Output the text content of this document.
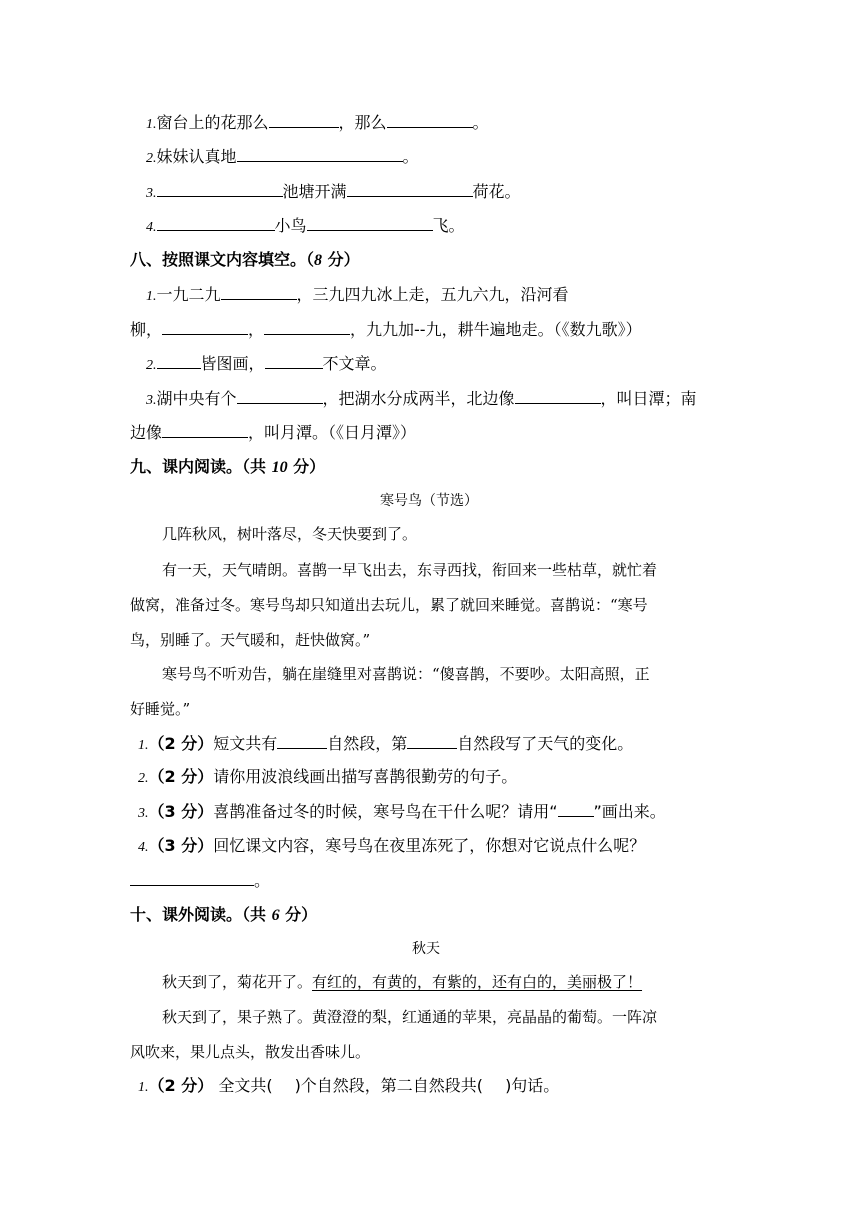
1.窗台上的花那么	，那么	。
2.妹妹认真地	。
3.	池塘开满	荷花。
4.	小鸟	飞。
八、按照课文内容填空。（8 分）
1.一九二九	，三九四九冰上走，五九六九，沿河看
柳，	，	，九九加--九，耕牛遍地走。（《数九歌》）
2.	皆图画，	不文章。
3.湖中央有个	，把湖水分成两半，北边像	，叫日潭；南
边像	，叫月潭。（《日月潭》）
九、课内阅读。（共 10 分）
寒号鸟（节选）
几阵秋风，树叶落尽，冬天快要到了。
有一天，天气晴朗。喜鹊一早飞出去，东寻西找，衔回来一些枯草，就忙着
做窝，准备过冬。寒号鸟却只知道出去玩儿，累了就回来睡觉。喜鹊说：“寒号
鸟，别睡了。天气暖和，赶快做窝。”
寒号鸟不听劝告，躺在崖缝里对喜鹊说：“傻喜鹊，不要吵。太阳高照，正
好睡觉。”
1.（2 分）短文共有	自然段，第	自然段写了天气的变化。
2.（2 分）请你用波浪线画出描写喜鹊很勤劳的句子。
3.（3 分）喜鹊准备过冬的时候，寒号鸟在干什么呢？请用“ ”画出来。
4.（3 分）回忆课文内容，寒号鸟在夜里冻死了，你想对它说点什么呢？
。
十、课外阅读。（共 6 分）
秋天
秋天到了，菊花开了。有红的，有黄的，有紫的，还有白的，美丽极了！
秋天到了，果子熟了。黄澄澄的梨，红通通的苹果，亮晶晶的葡萄。一阵凉
风吹来，果儿点头，散发出香味儿。
1.（2 分） 全文共( )个自然段，第二自然段共( )句话。
